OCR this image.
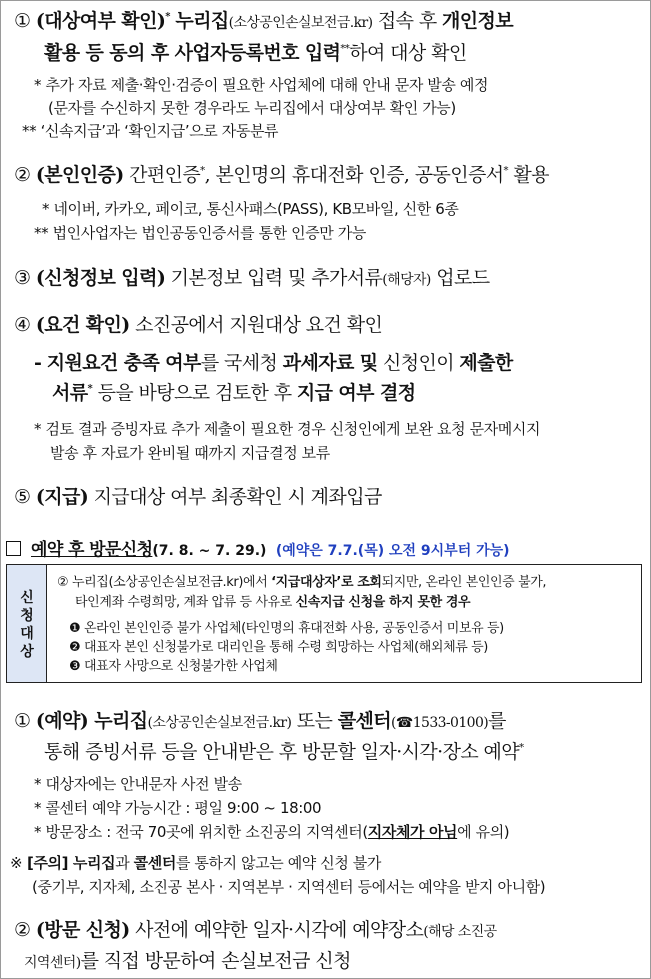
① (대상여부 확인)* 누리집(소상공인손실보전금.kr) 접속 후 개인정보
활용 등 동의 후 사업자등록번호 입력**하여 대상 확인
* 추가 자료 제출·확인·검증이 필요한 사업체에 대해 안내 문자 발송 예정
(문자를 수신하지 못한 경우라도 누리집에서 대상여부 확인 가능)
** ‘신속지급’과 ‘확인지급’으로 자동분류
② (본인인증) 간편인증*, 본인명의 휴대전화 인증, 공동인증서* 활용
* 네이버, 카카오, 페이코, 통신사패스(PASS), KB모바일, 신한 6종
** 법인사업자는 법인공동인증서를 통한 인증만 가능
③ (신청정보 입력) 기본정보 입력 및 추가서류(해당자) 업로드
④ (요건 확인) 소진공에서 지원대상 요건 확인
- 지원요건 충족 여부를 국세청 과세자료 및 신청인이 제출한
서류* 등을 바탕으로 검토한 후 지급 여부 결정
* 검토 결과 증빙자료 추가 제출이 필요한 경우 신청인에게 보완 요청 문자메시지
발송 후 자료가 완비될 때까지 지급결정 보류
⑤ (지급) 지급대상 여부 최종확인 시 계좌입금
예약 후 방문신청(7. 8. ~ 7. 29.) (예약은 7.7.(목) 오전 9시부터 가능)
신
청
대
상
② 누리집(소상공인손실보전금.kr)에서 ‘지급대상자’로 조회되지만, 온라인 본인인증 불가,
타인계좌 수령희망, 계좌 압류 등 사유로 신속지급 신청을 하지 못한 경우
❶ 온라인 본인인증 불가 사업체(타인명의 휴대전화 사용, 공동인증서 미보유 등)
❷ 대표자 본인 신청불가로 대리인을 통해 수령 희망하는 사업체(해외체류 등)
❸ 대표자 사망으로 신청불가한 사업체
① (예약) 누리집(소상공인손실보전금.kr) 또는 콜센터(☎1533-0100)를
통해 증빙서류 등을 안내받은 후 방문할 일자·시각·장소 예약*
* 대상자에는 안내문자 사전 발송
* 콜센터 예약 가능시간 : 평일 9:00 ~ 18:00
* 방문장소 : 전국 70곳에 위치한 소진공의 지역센터(지자체가 아님에 유의)
※ [주의] 누리집과 콜센터를 통하지 않고는 예약 신청 불가
(중기부, 지자체, 소진공 본사 · 지역본부 · 지역센터 등에서는 예약을 받지 아니함)
② (방문 신청) 사전에 예약한 일자·시각에 예약장소(해당 소진공
지역센터)를 직접 방문하여 손실보전금 신청
